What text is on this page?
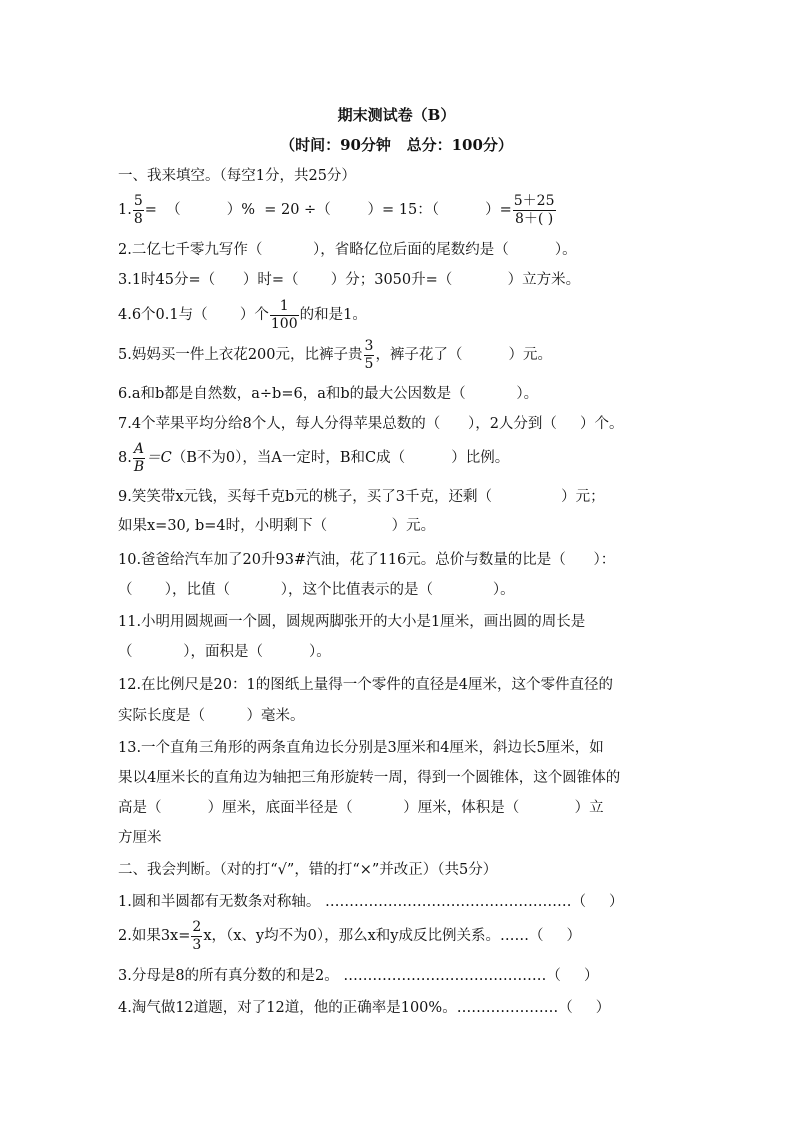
期末测试卷（B）
（时间：90分钟   总分：100分）
一、我来填空。（每空1分，共25分）
1. $\frac{5}{8}$ =  （          ）%  = 20 ÷（        ）= 15：（          ）= $\frac{5+25}{8+( )}$
2.二亿七千零九写作（           ），省略亿位后面的尾数约是（          ）。
3.1时45分=（      ）时=（       ）分；3050升=（            ）立方米。
4.6个0.1与（       ）个 $\frac{1}{100}$ 的和是1。
5.妈妈买一件上衣花200元，比裤子贵 $\frac{3}{5}$ ，裤子花了（          ）元。
6.a和b都是自然数，a÷b=6，a和b的最大公因数是（           ）。
7.4个苹果平均分给8个人，每人分得苹果总数的（      ），2人分到（     ）个。
8. $\frac{A}{B} =C(B$不为0），当A一定时，B和C成（          ）比例。
9.笑笑带x元钱，买每千克b元的桃子，买了3千克，还剩（               ）元；
如果x=30, b=4时，小明剩下（              ）元。
10.爸爸给汽车加了20升93#汽油，花了116元。总价与数量的比是（      ）：
（       ），比值（           ），这个比值表示的是（             ）。
11.小明用圆规画一个圆，圆规两脚张开的大小是1厘米，画出圆的周长是
（           ），面积是（          ）。
12.在比例尺是20：1的图纸上量得一个零件的直径是4厘米，这个零件直径的
实际长度是（         ）毫米。
13.一个直角三角形的两条直角边长分别是3厘米和4厘米，斜边长5厘米，如
果以4厘米长的直角边为轴把三角形旋转一周，得到一个圆锥体，这个圆锥体的
高是（          ）厘米，底面半径是（           ）厘米，体积是（            ）立
方厘米
二、我会判断。（对的打“√”，错的打“×”并改正）（共5分）
1.圆和半圆都有无数条对称轴。 ……………………………………………（     ）
2.如果$3x= \frac{2}{3}$ x，（x、y均不为0），那么x和y成反比例关系。……（     ）
3.分母是8的所有真分数的和是2。 ……………………………………（     ）
4.淘气做12道题，对了12道，他的正确率是100%。…………………（     ）
